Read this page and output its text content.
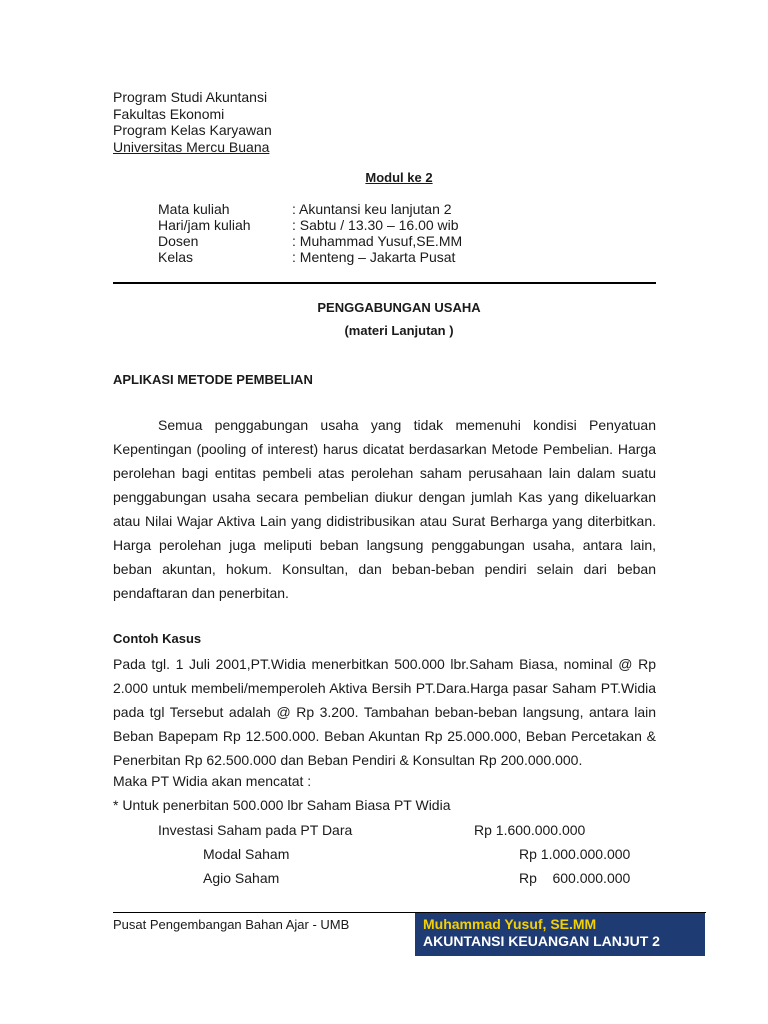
Program Studi Akuntansi
Fakultas Ekonomi
Program Kelas Karyawan
Universitas Mercu Buana
Modul ke 2
Mata kuliah	: Akuntansi keu lanjutan 2
Hari/jam kuliah	: Sabtu / 13.30 – 16.00 wib
Dosen	: Muhammad Yusuf,SE.MM
Kelas	: Menteng – Jakarta Pusat
PENGGABUNGAN USAHA
(materi Lanjutan )
APLIKASI METODE PEMBELIAN
Semua penggabungan usaha yang tidak memenuhi kondisi Penyatuan Kepentingan (pooling of interest) harus dicatat berdasarkan Metode Pembelian. Harga perolehan bagi entitas pembeli atas perolehan saham perusahaan lain dalam suatu penggabungan usaha secara pembelian diukur dengan jumlah Kas yang dikeluarkan atau Nilai Wajar Aktiva Lain yang didistribusikan atau Surat Berharga yang diterbitkan. Harga perolehan juga meliputi beban langsung penggabungan usaha, antara lain, beban akuntan, hokum. Konsultan, dan beban-beban pendiri selain dari beban pendaftaran dan penerbitan.
Contoh Kasus
Pada tgl. 1 Juli 2001,PT.Widia menerbitkan 500.000 lbr.Saham Biasa, nominal @ Rp 2.000 untuk membeli/memperoleh Aktiva Bersih PT.Dara.Harga pasar Saham PT.Widia pada tgl Tersebut adalah @ Rp 3.200. Tambahan beban-beban langsung, antara lain Beban Bapepam Rp 12.500.000. Beban Akuntan Rp 25.000.000, Beban Percetakan & Penerbitan Rp 62.500.000 dan Beban Pendiri & Konsultan Rp 200.000.000.
Maka PT Widia akan mencatat :
* Untuk penerbitan 500.000 lbr Saham Biasa PT Widia
Investasi Saham pada PT Dara	Rp 1.600.000.000
Modal Saham	Rp 1.000.000.000
Agio Saham	Rp    600.000.000
Pusat Pengembangan Bahan Ajar - UMB	Muhammad Yusuf, SE.MM
AKUNTANSI KEUANGAN LANJUT 2
